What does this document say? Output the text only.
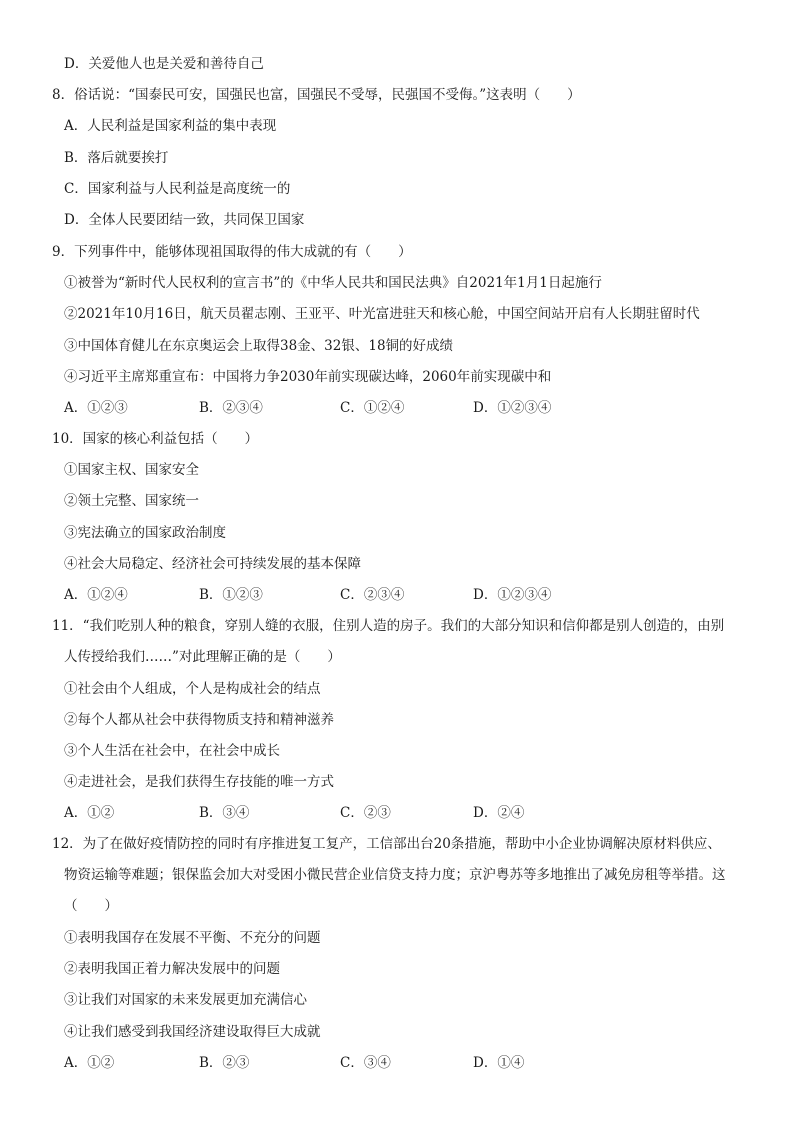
D．关爱他人也是关爱和善待自己
8．俗话说：“国泰民可安，国强民也富，国强民不受辱，民强国不受侮。”这表明（　　）
A．人民利益是国家利益的集中表现
B．落后就要挨打
C．国家利益与人民利益是高度统一的
D．全体人民要团结一致，共同保卫国家
9．下列事件中，能够体现祖国取得的伟大成就的有（　　）
①被誉为“新时代人民权利的宣言书”的《中华人民共和国民法典》自2021年1月1日起施行
②2021年10月16日，航天员翟志刚、王亚平、叶光富进驻天和核心舱，中国空间站开启有人长期驻留时代
③中国体育健儿在东京奥运会上取得38金、32银、18铜的好成绩
④习近平主席郑重宣布：中国将力争2030年前实现碳达峰，2060年前实现碳中和
A．①②③	B．②③④	C．①②④	D．①②③④
10．国家的核心利益包括（　　）
①国家主权、国家安全
②领土完整、国家统一
③宪法确立的国家政治制度
④社会大局稳定、经济社会可持续发展的基本保障
A．①②④	B．①②③	C．②③④	D．①②③④
11．“我们吃别人种的粮食，穿别人缝的衣服，住别人造的房子。我们的大部分知识和信仰都是别人创造的，由别
人传授给我们……”对此理解正确的是（　　）
①社会由个人组成，个人是构成社会的结点
②每个人都从社会中获得物质支持和精神滋养
③个人生活在社会中，在社会中成长
④走进社会，是我们获得生存技能的唯一方式
A．①②	B．③④	C．②③	D．②④
12．为了在做好疫情防控的同时有序推进复工复产，工信部出台20条措施，帮助中小企业协调解决原材料供应、
物资运输等难题；银保监会加大对受困小微民营企业信贷支持力度；京沪粤苏等多地推出了减免房租等举措。这
（　　）
①表明我国存在发展不平衡、不充分的问题
②表明我国正着力解决发展中的问题
③让我们对国家的未来发展更加充满信心
④让我们感受到我国经济建设取得巨大成就
A．①②	B．②③	C．③④	D．①④
